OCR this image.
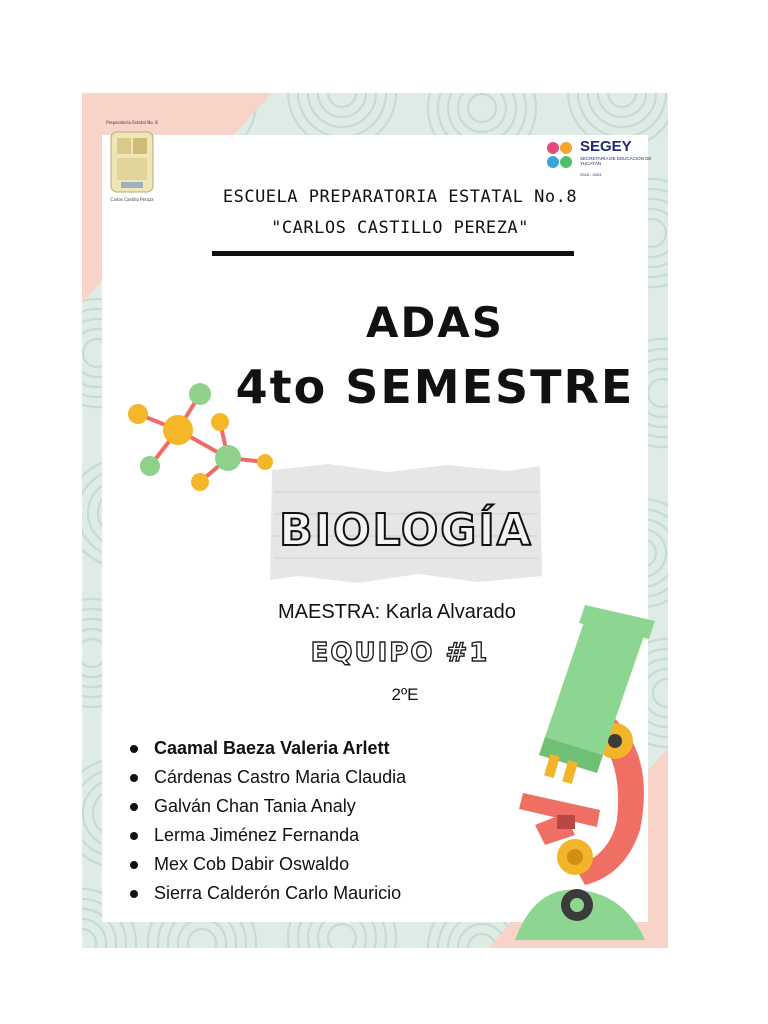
Preparatoria Estatal No. 8
Carlos Castillo Peraza
SEGEY
SECRETARÍA DE EDUCACIÓN DE YUCATÁN
2018 - 2024
ESCUELA PREPARATORIA ESTATAL No.8
"CARLOS CASTILLO PEREZA"
ADAS
4to SEMESTRE
BIOLOGÍA
MAESTRA: Karla Alvarado
EQUIPO #1
2ºE
Caamal Baeza Valeria Arlett
Cárdenas Castro Maria Claudia
Galván Chan Tania Analy
Lerma Jiménez Fernanda
Mex Cob Dabir Oswaldo
Sierra Calderón Carlo Mauricio
